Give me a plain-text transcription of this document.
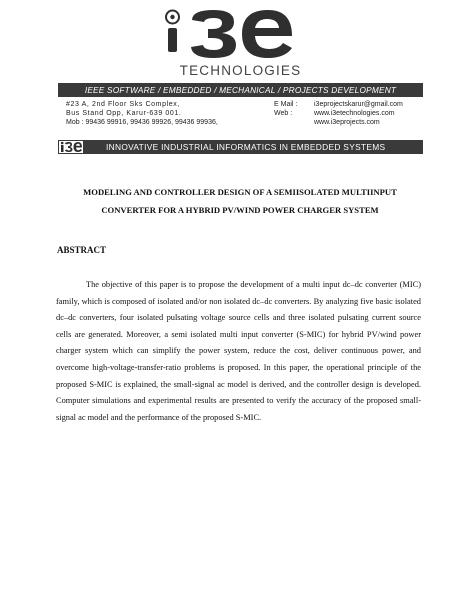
TECHNOLOGIES
IEEE SOFTWARE / EMBEDDED / MECHANICAL / PROJECTS DEVELOPMENT
#23 A, 2nd Floor Sks Complex,
Bus Stand Opp, Karur-639 001.
Mob : 99436 99916, 99436 99926, 99436 99936,
E Mail : i3eprojectskarur@gmail.com
Web :	www.i3etechnologies.com
www.i3eprojects.com
INNOVATIVE INDUSTRIAL INFORMATICS IN EMBEDDED SYSTEMS
MODELING AND CONTROLLER DESIGN OF A SEMIISOLATED MULTIINPUT
CONVERTER FOR A HYBRID PV/WIND POWER CHARGER SYSTEM
ABSTRACT

The objective of this paper is to propose the development of a multi input dc–dc converter (MIC) family, which is composed of isolated and/or non isolated dc–dc converters. By analyzing five basic isolated dc–dc converters, four isolated pulsating voltage source cells and three isolated pulsating current source cells are generated. Moreover, a semi isolated multi input converter (S-MIC) for hybrid PV/wind power charger system which can simplify the power system, reduce the cost, deliver continuous power, and overcome high-voltage-transfer-ratio problems is proposed. In this paper, the operational principle of the proposed S-MIC is explained, the small-signal ac model is derived, and the controller design is developed. Computer simulations and experimental results are presented to verify the accuracy of the proposed small-signal ac model and the performance of the proposed S-MIC.
